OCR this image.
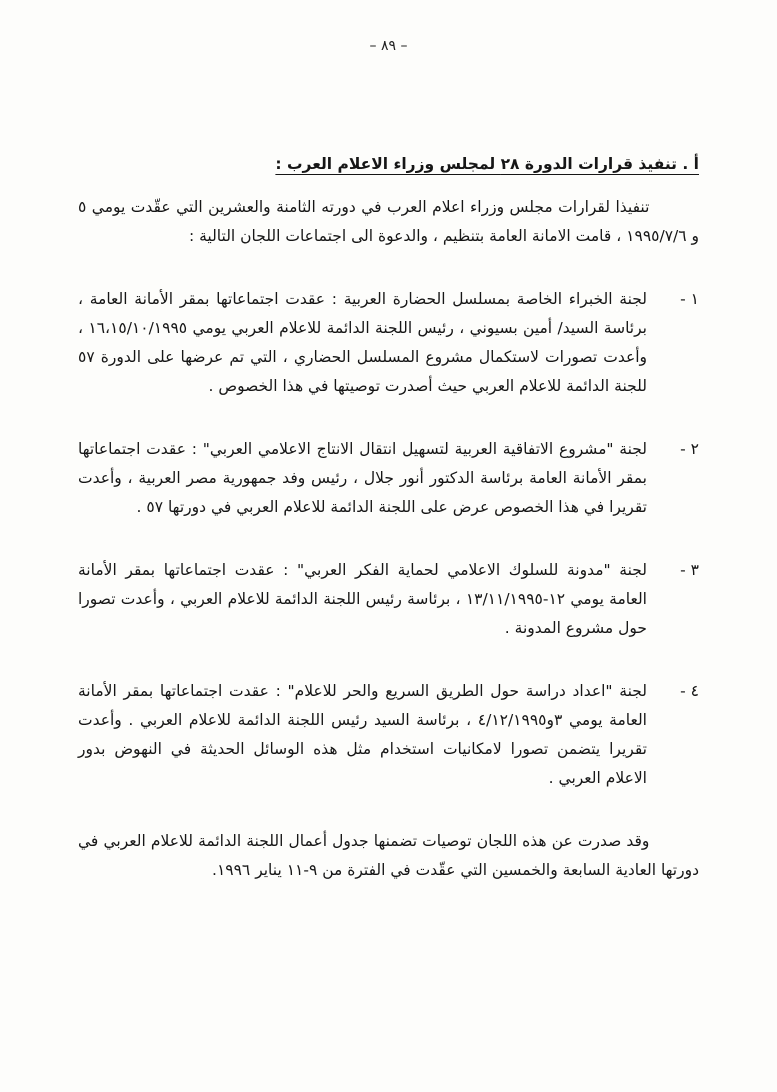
– ٨٩ –
أ . تنفيذ قرارات الدورة ٢٨ لمجلس وزراء الاعلام العرب :

تنفيذا لقرارات مجلس وزراء اعلام العرب في دورته الثامنة والعشرين التي عقّدت يومي ٥ و ١٩٩٥/٧/٦ ، قامت الامانة العامة بتنظيم ، والدعوة الى اجتماعات اللجان التالية :

١ -
لجنة الخبراء الخاصة بمسلسل الحضارة العربية : عقدت اجتماعاتها بمقر الأمانة العامة ، برئاسة السيد/ أمين بسيوني ، رئيس اللجنة الدائمة للاعلام العربي يومي ١٦،١٥/١٠/١٩٩٥ ، وأعدت تصورات لاستكمال مشروع المسلسل الحضاري ، التي تم عرضها على الدورة ٥٧ للجنة الدائمة للاعلام العربي حيث أصدرت توصيتها في هذا الخصوص .
٢ -
لجنة "مشروع الاتفاقية العربية لتسهيل انتقال الانتاج الاعلامي العربي" : عقدت اجتماعاتها بمقر الأمانة العامة برئاسة الدكتور أنور جلال ، رئيس وفد جمهورية مصر العربية ، وأعدت تقريرا في هذا الخصوص عرض على اللجنة الدائمة للاعلام العربي في دورتها ٥٧ .
٣ -
لجنة "مدونة للسلوك الاعلامي لحماية الفكر العربي" : عقدت اجتماعاتها بمقر الأمانة العامة يومي ١٢-١٣/١١/١٩٩٥ ، برئاسة رئيس اللجنة الدائمة للاعلام العربي ، وأعدت تصورا حول مشروع المدونة .
٤ -
لجنة "اعداد دراسة حول الطريق السريع والحر للاعلام" : عقدت اجتماعاتها بمقر الأمانة العامة يومي ٣و٤/١٢/١٩٩٥ ، برئاسة السيد رئيس اللجنة الدائمة للاعلام العربي . وأعدت تقريرا يتضمن تصورا لامكانيات استخدام مثل هذه الوسائل الحديثة في النهوض بدور الاعلام العربي .

وقد صدرت عن هذه اللجان توصيات تضمنها جدول أعمال اللجنة الدائمة للاعلام العربي في دورتها العادية السابعة والخمسين التي عقّدت في الفترة من ٩-١١ يناير ١٩٩٦.
